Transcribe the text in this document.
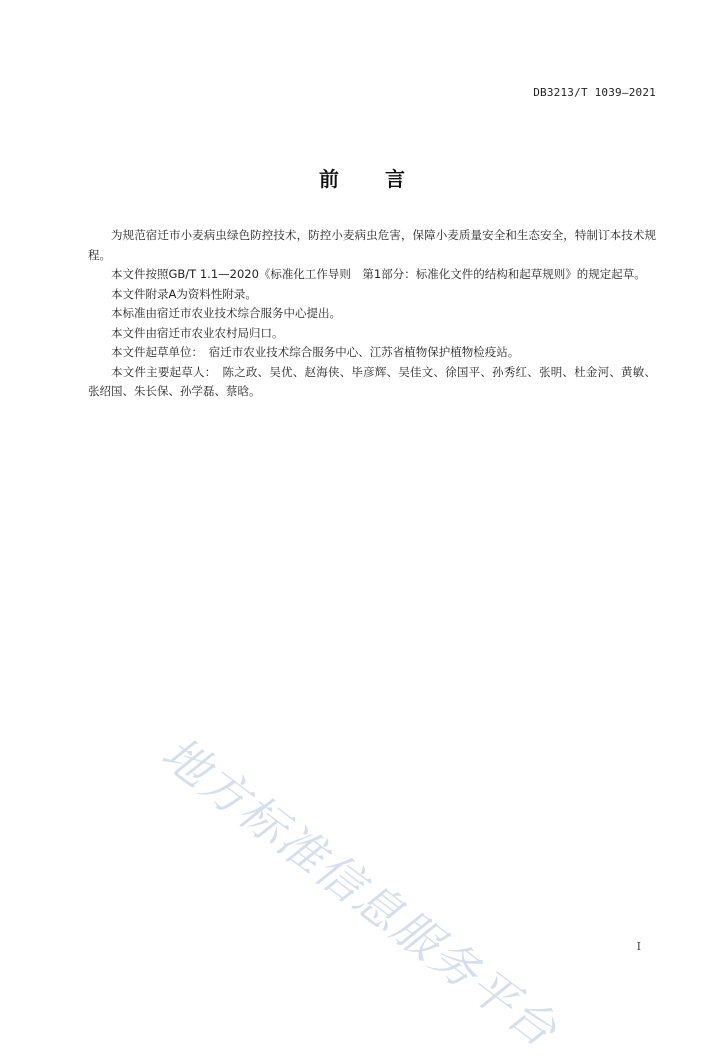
DB3213/T 1039—2021
前 言

为规范宿迁市小麦病虫绿色防控技术，防控小麦病虫危害，保障小麦质量安全和生态安全，特制订本技术规程。

本文件按照GB/T 1.1—2020《标准化工作导则　第1部分：标准化文件的结构和起草规则》的规定起草。

本文件附录A为资料性附录。

本标准由宿迁市农业技术综合服务中心提出。

本文件由宿迁市农业农村局归口。

本文件起草单位：　宿迁市农业技术综合服务中心、江苏省植物保护植物检疫站。

本文件主要起草人：　陈之政、吴优、赵海侠、毕彦辉、吴佳文、徐国平、孙秀红、张明、杜金河、黄敏、张绍国、朱长保、孙学磊、蔡晗。

地方标准信息服务平台	I
